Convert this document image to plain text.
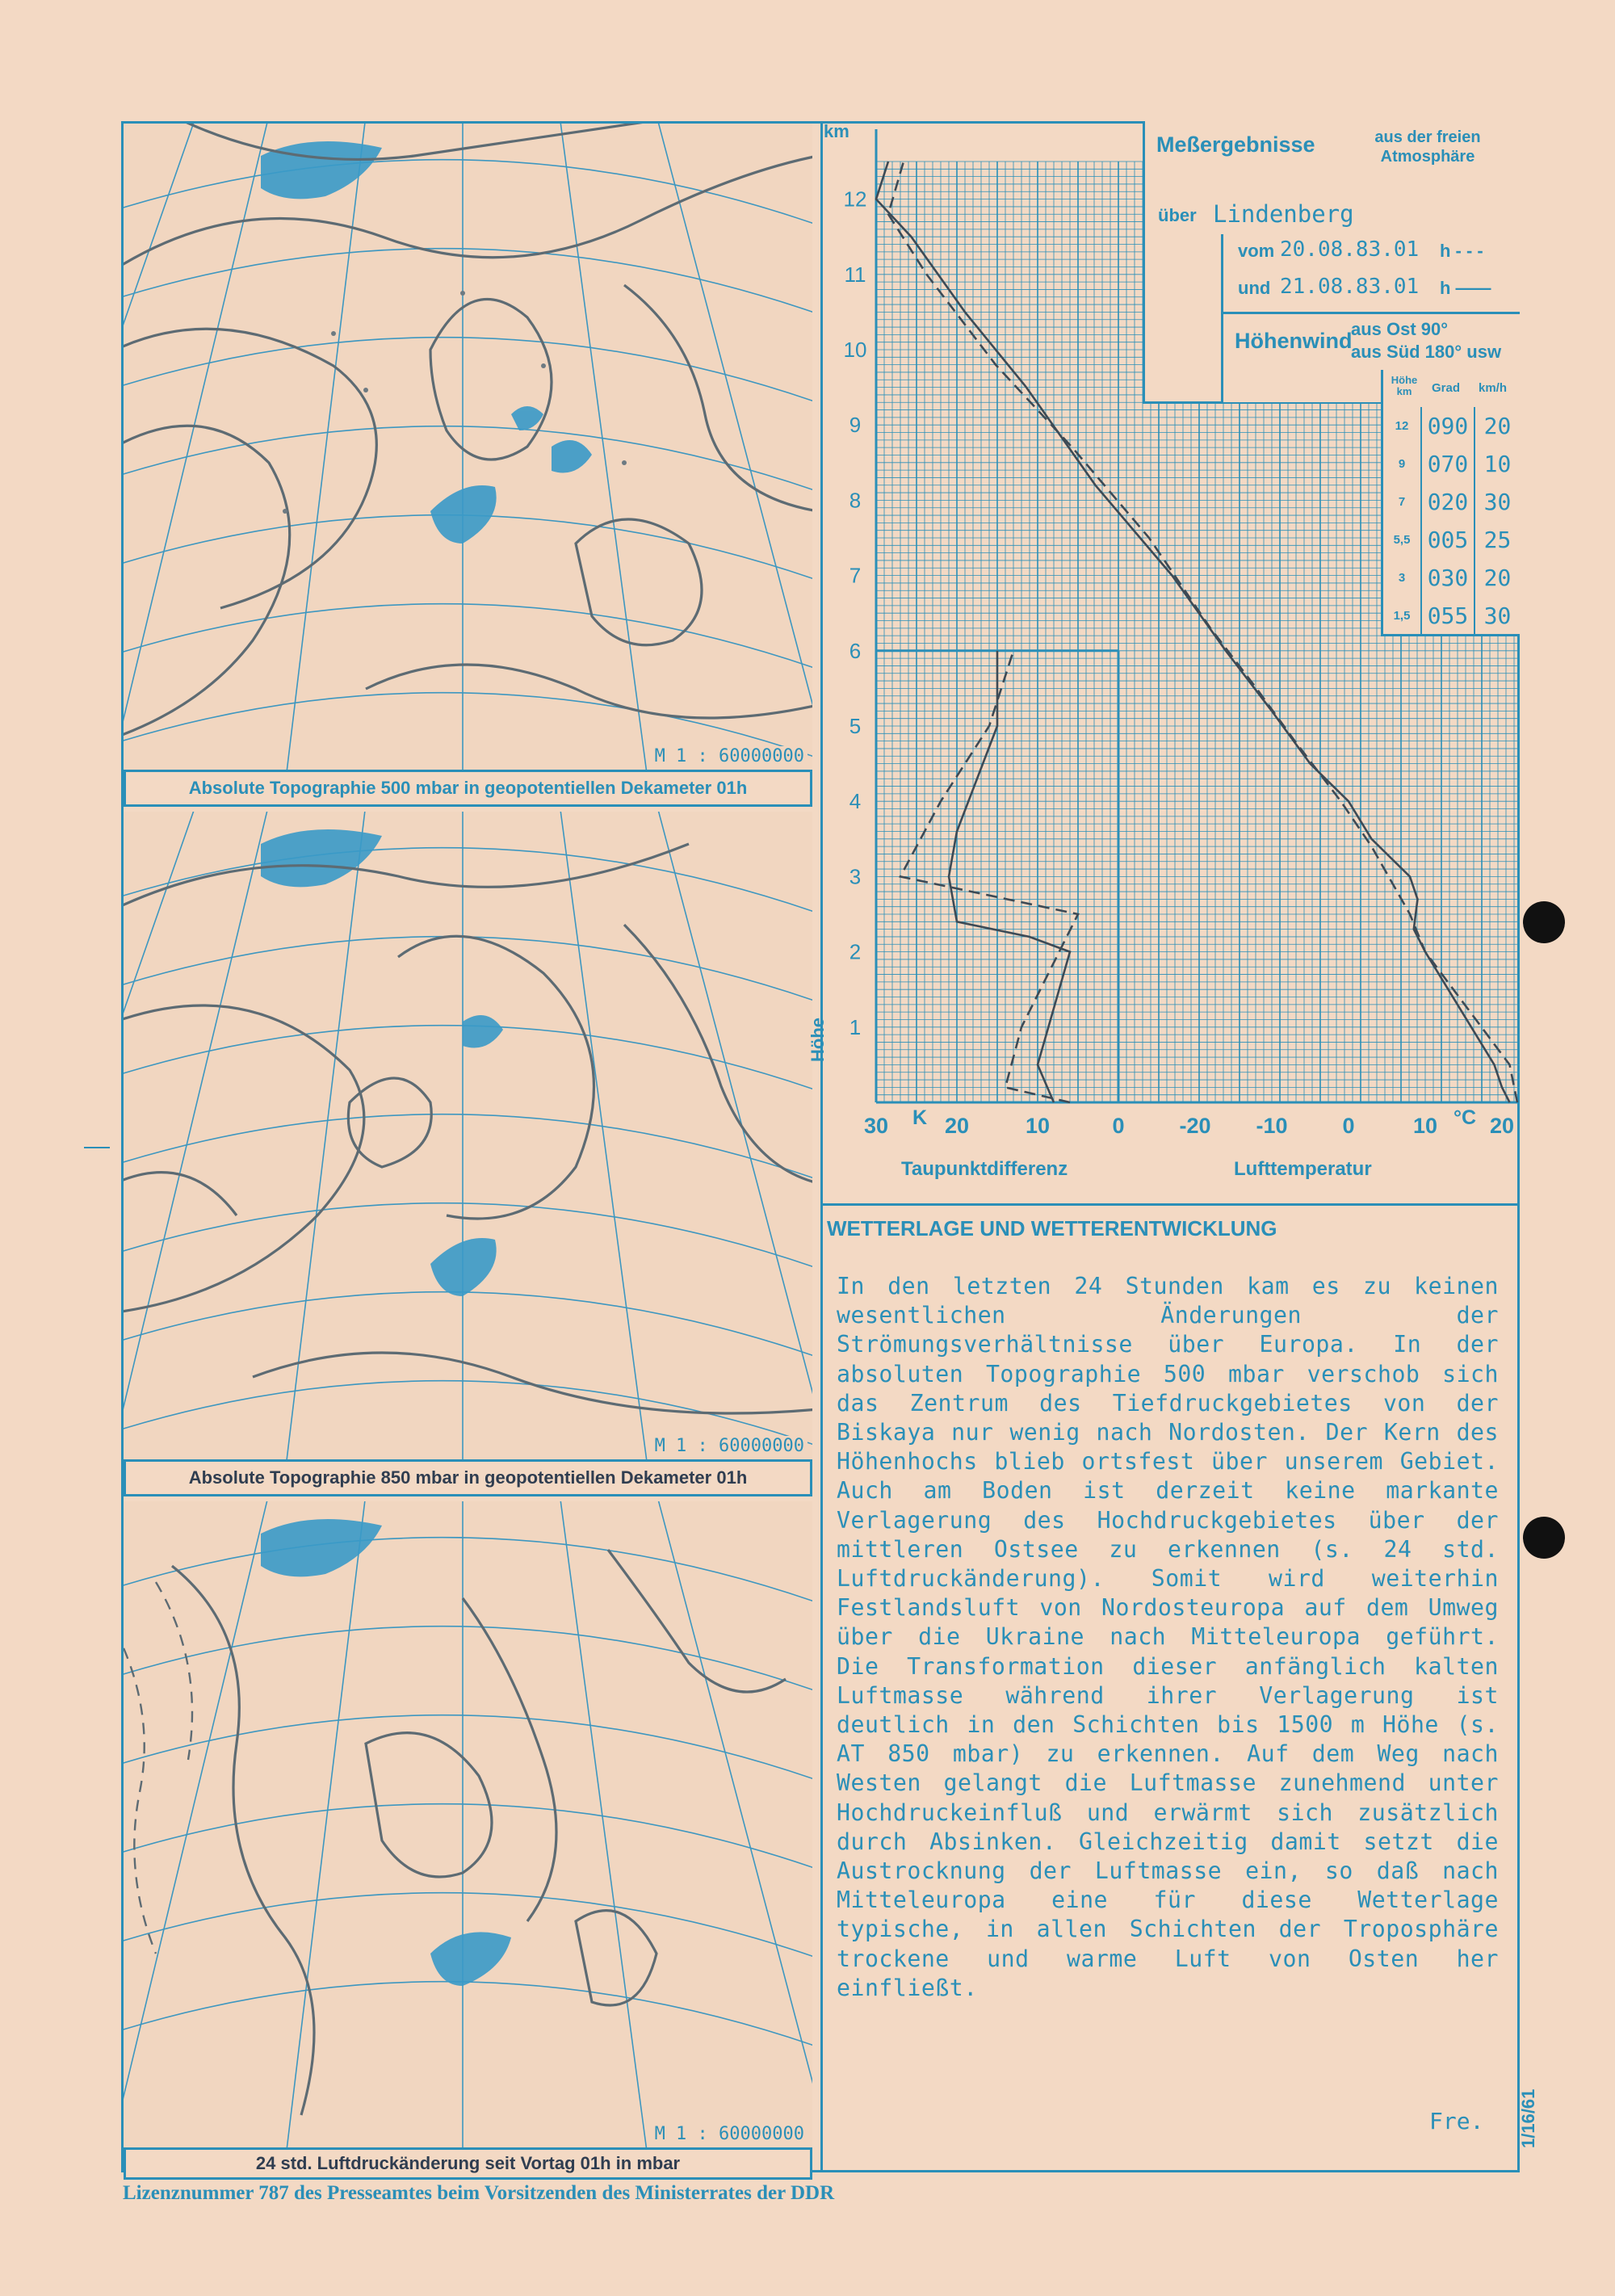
M 1 : 60000000
Absolute Topographie 500 mbar in geopotentiellen Dekameter 01h
M 1 : 60000000
Absolute Topographie 850 mbar in geopotentiellen Dekameter 01h
M 1 : 60000000
24 std. Luftdruckänderung seit Vortag 01h in mbar
1
2
3
4
5
6
7
8
9
10
11
12
30	20	10	0	-20 -10	0	10 20
Meßergebnisse	aus der freien Atmosphäre
über Lindenberg
vom 20.08.83.01 h - - -
und 21.08.83.01 h ——
Höhenwind
aus Ost 90°
aus Süd 180° usw
Höhe km	Grad km/h
12	090	20
9	070	10
7	020	30
5,5	005	25
3	030	20
1,5	055	30
km
Höhe
K	°C
Taupunktdifferenz	Lufttemperatur
WETTERLAGE UND WETTERENTWICKLUNG
In den letzten 24 Stunden kam es zu keinen wesentlichen Änderungen der Strömungsverhältnisse über Europa. In der absoluten Topographie 500 mbar verschob sich das Zentrum des Tiefdruckgebietes von der Biskaya nur wenig nach Nordosten. Der Kern des Höhenhochs blieb ortsfest über unserem Gebiet. Auch am Boden ist derzeit keine markante Verlagerung des Hochdruckgebietes über der mittleren Ostsee zu erkennen (s. 24 std. Luftdruckänderung). Somit wird weiterhin Festlandsluft von Nordosteuropa auf dem Umweg über die Ukraine nach Mitteleuropa geführt. Die Transformation dieser anfänglich kalten Luftmasse während ihrer Verlagerung ist deutlich in den Schichten bis 1500 m Höhe (s. AT 850 mbar) zu erkennen. Auf dem Weg nach Westen gelangt die Luftmasse zunehmend unter Hochdruckeinfluß und erwärmt sich zusätzlich durch Absinken. Gleichzeitig damit setzt die Austrocknung der Luftmasse ein, so daß nach Mitteleuropa eine für diese Wetterlage typische, in allen Schichten der Troposphäre trockene und warme Luft von Osten her einfließt.
Fre.
Lizenznummer 787 des Presseamtes beim Vorsitzenden des Ministerrates der DDR
1/16/61
